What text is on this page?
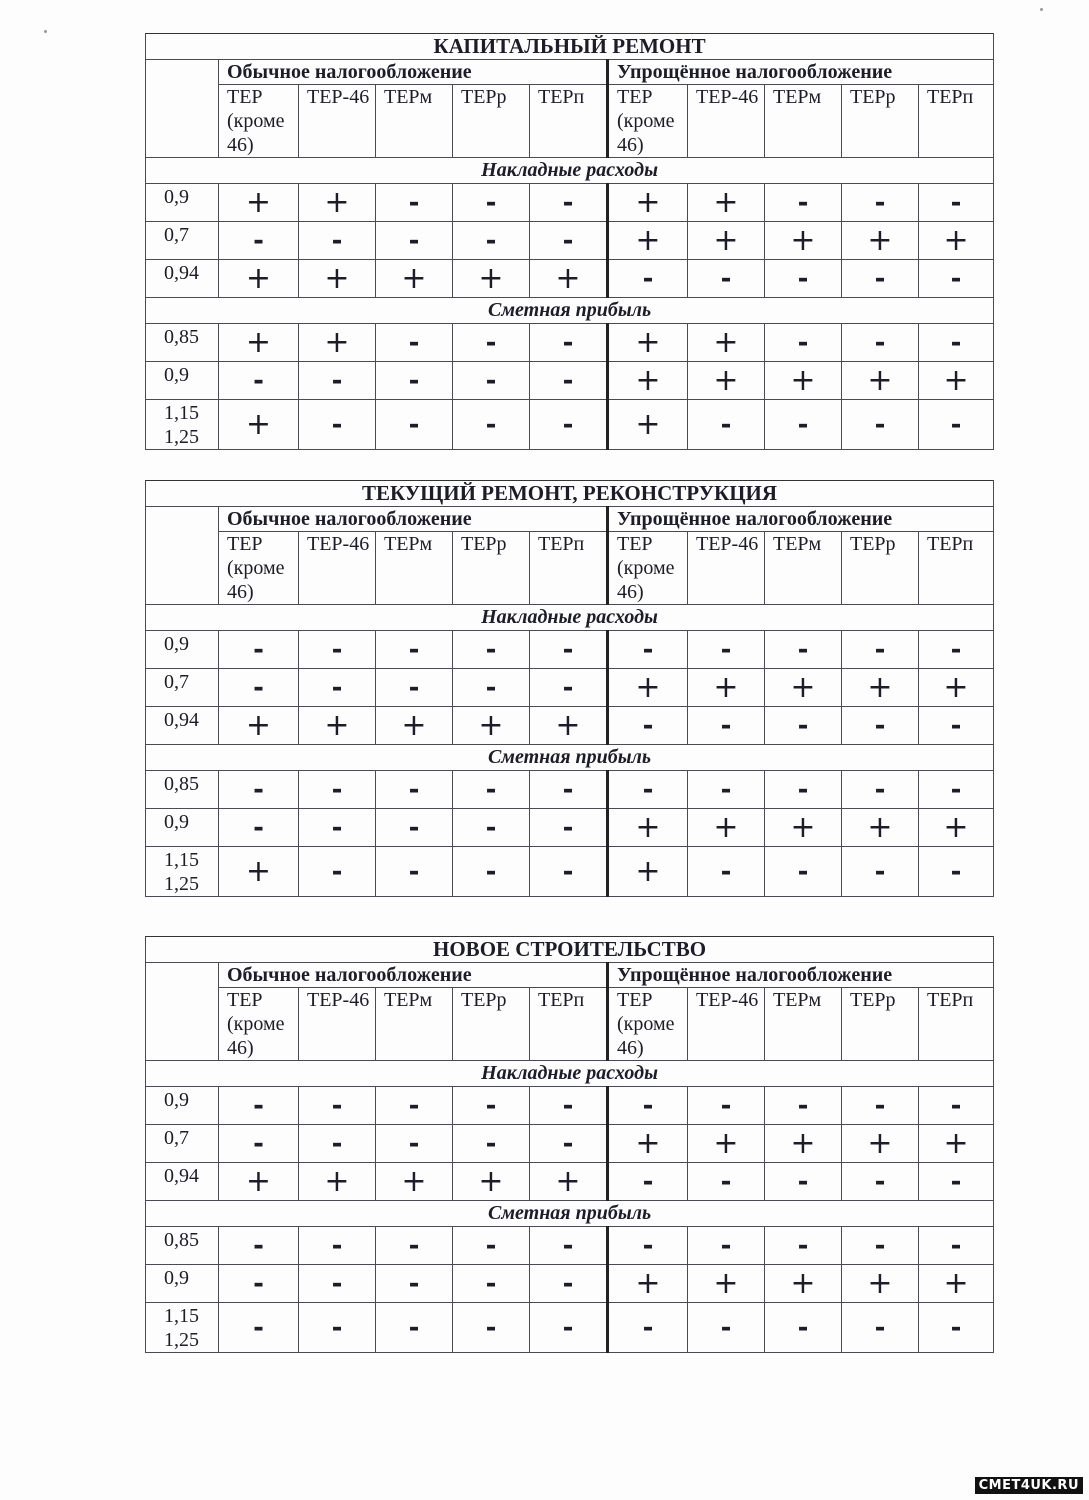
КАПИТАЛЬНЫЙ РЕМОНТ										
	Обычное налогообложение					Упрощённое налогообложение				
	ТЕР (кроме 46)	ТЕР-46	ТЕРм	ТЕРр	ТЕРп	ТЕР (кроме 46)	ТЕР-46	ТЕРм	ТЕРр	ТЕРп
Накладные расходы										
0,9	+	+	-	-	-	+	+	-	-	-
0,7	-	-	-	-	-	+	+	+	+	+
0,94	+	+	+	+	+	-	-	-	-	-
Сметная прибыль										
0,85	+	+	-	-	-	+	+	-	-	-
0,9	-	-	-	-	-	+	+	+	+	+
1,15
1,25	+	-	-	-	-	+	-	-	-	-
ТЕКУЩИЙ РЕМОНТ, РЕКОНСТРУКЦИЯ										
	Обычное налогообложение					Упрощённое налогообложение				
	ТЕР (кроме 46)	ТЕР-46	ТЕРм	ТЕРр	ТЕРп	ТЕР (кроме 46)	ТЕР-46	ТЕРм	ТЕРр	ТЕРп
Накладные расходы										
0,9	-	-	-	-	-	-	-	-	-	-
0,7	-	-	-	-	-	+	+	+	+	+
0,94	+	+	+	+	+	-	-	-	-	-
Сметная прибыль										
0,85	-	-	-	-	-	-	-	-	-	-
0,9	-	-	-	-	-	+	+	+	+	+
1,15
1,25	+	-	-	-	-	+	-	-	-	-
НОВОЕ СТРОИТЕЛЬСТВО										
	Обычное налогообложение					Упрощённое налогообложение				
	ТЕР (кроме 46)	ТЕР-46	ТЕРм	ТЕРр	ТЕРп	ТЕР (кроме 46)	ТЕР-46	ТЕРм	ТЕРр	ТЕРп
Накладные расходы										
0,9	-	-	-	-	-	-	-	-	-	-
0,7	-	-	-	-	-	+	+	+	+	+
0,94	+	+	+	+	+	-	-	-	-	-
Сметная прибыль										
0,85	-	-	-	-	-	-	-	-	-	-
0,9	-	-	-	-	-	+	+	+	+	+
1,15
1,25	-	-	-	-	-	-	-	-	-	-
СМЕТ4UK.RU
